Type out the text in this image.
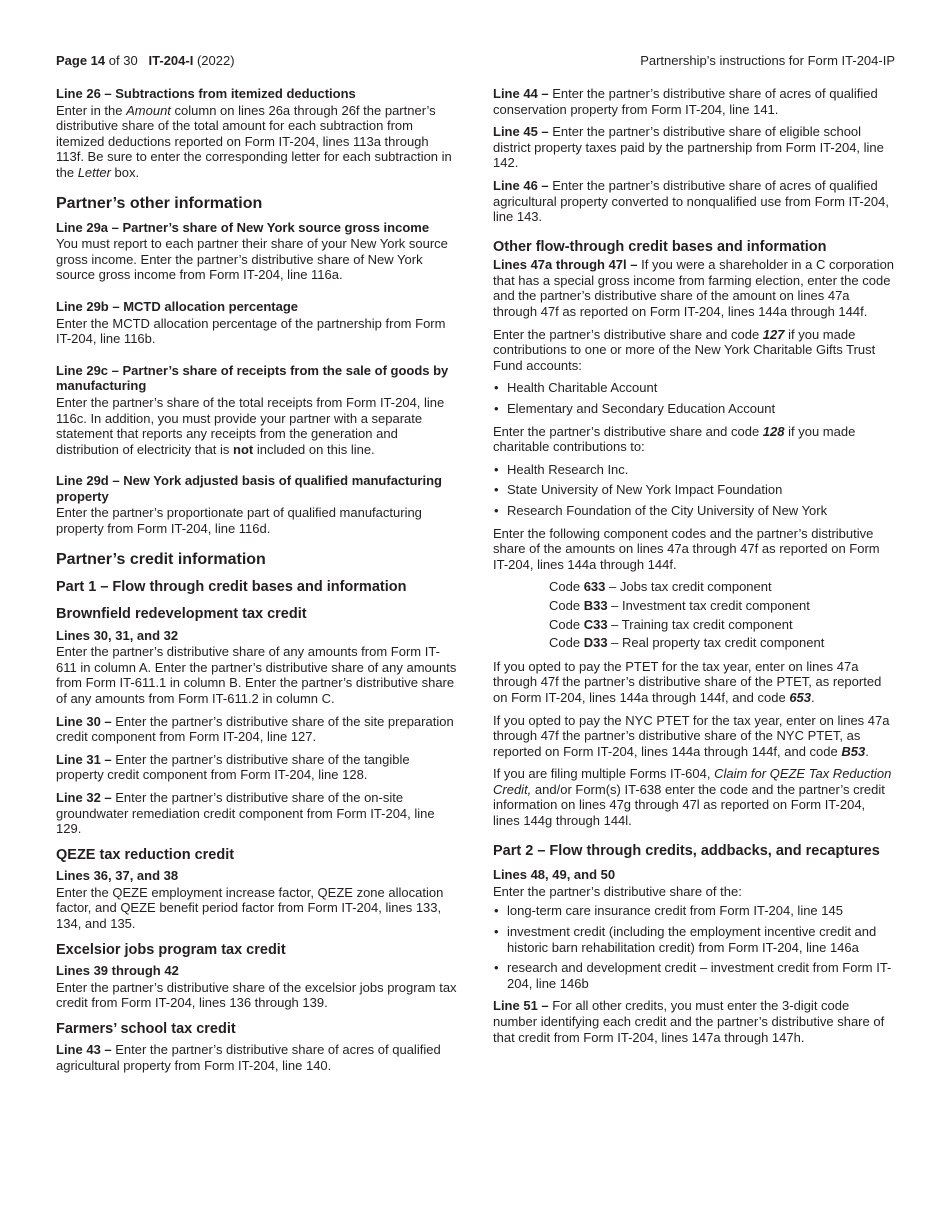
Page 14 of 30 IT-204-I (2022)	Partnership’s instructions for Form IT-204-IP
Line 26 – Subtractions from itemized deductions

Enter in the Amount column on lines 26a through 26f the partner’s distributive share of the total amount for each subtraction from itemized deductions reported on Form IT-204, lines 113a through 113f. Be sure to enter the corresponding letter for each subtraction in the Letter box.

Partner’s other information
Line 29a – Partner’s share of New York source gross income

You must report to each partner their share of your New York source gross income. Enter the partner’s distributive share of New York source gross income from Form IT-204, line 116a.

Line 29b – MCTD allocation percentage

Enter the MCTD allocation percentage of the partnership from Form IT-204, line 116b.

Line 29c – Partner’s share of receipts from the sale of goods by manufacturing

Enter the partner’s share of the total receipts from Form IT-204, line 116c. In addition, you must provide your partner with a separate statement that reports any receipts from the generation and distribution of electricity that is not included on this line.

Line 29d – New York adjusted basis of qualified manufacturing property

Enter the partner’s proportionate part of qualified manufacturing property from Form IT-204, line 116d.

Partner’s credit information
Part 1 – Flow through credit bases and information
Brownfield redevelopment tax credit
Lines 30, 31, and 32

Enter the partner’s distributive share of any amounts from Form IT-611 in column A. Enter the partner’s distributive share of any amounts from Form IT-611.1 in column B. Enter the partner’s distributive share of any amounts from Form IT-611.2 in column C.

Line 30 – Enter the partner’s distributive share of the site preparation credit component from Form IT-204, line 127.

Line 31 – Enter the partner’s distributive share of the tangible property credit component from Form IT-204, line 128.

Line 32 – Enter the partner’s distributive share of the on-site groundwater remediation credit component from Form IT-204, line 129.

QEZE tax reduction credit
Lines 36, 37, and 38

Enter the QEZE employment increase factor, QEZE zone allocation factor, and QEZE benefit period factor from Form IT-204, lines 133, 134, and 135.

Excelsior jobs program tax credit
Lines 39 through 42

Enter the partner’s distributive share of the excelsior jobs program tax credit from Form IT-204, lines 136 through 139.

Farmers’ school tax credit

Line 43 – Enter the partner’s distributive share of acres of qualified agricultural property from Form IT-204, line 140.

Line 44 – Enter the partner’s distributive share of acres of qualified conservation property from Form IT-204, line 141.

Line 45 – Enter the partner’s distributive share of eligible school district property taxes paid by the partnership from Form IT-204, line 142.

Line 46 – Enter the partner’s distributive share of acres of qualified agricultural property converted to nonqualified use from Form IT-204, line 143.

Other flow-through credit bases and information

Lines 47a through 47l – If you were a shareholder in a C corporation that has a special gross income from farming election, enter the code and the partner’s distributive share of the amount on lines 47a through 47f as reported on Form IT-204, lines 144a through 144f.

Enter the partner’s distributive share and code 127 if you made contributions to one or more of the New York Charitable Gifts Trust Fund accounts:

• Health Charitable Account
• Elementary and Secondary Education Account

Enter the partner’s distributive share and code 128 if you made charitable contributions to:

• Health Research Inc.
• State University of New York Impact Foundation
• Research Foundation of the City University of New York

Enter the following component codes and the partner’s distributive share of the amounts on lines 47a through 47f as reported on Form IT-204, lines 144a through 144f.

Code 633 – Jobs tax credit component
Code B33 – Investment tax credit component
Code C33 – Training tax credit component
Code D33 – Real property tax credit component

If you opted to pay the PTET for the tax year, enter on lines 47a through 47f the partner’s distributive share of the PTET, as reported on Form IT-204, lines 144a through 144f, and code 653.

If you opted to pay the NYC PTET for the tax year, enter on lines 47a through 47f the partner’s distributive share of the NYC PTET, as reported on Form IT-204, lines 144a through 144f, and code B53.

If you are filing multiple Forms IT-604, Claim for QEZE Tax Reduction Credit, and/or Form(s) IT-638 enter the code and the partner’s credit information on lines 47g through 47l as reported on Form IT-204, lines 144g through 144l.

Part 2 – Flow through credits, addbacks, and recaptures
Lines 48, 49, and 50

Enter the partner’s distributive share of the:

• long-term care insurance credit from Form IT-204, line 145
• investment credit (including the employment incentive credit and historic barn rehabilitation credit) from Form IT-204, line 146a
• research and development credit – investment credit from Form IT-204, line 146b

Line 51 – For all other credits, you must enter the 3-digit code number identifying each credit and the partner’s distributive share of that credit from Form IT-204, lines 147a through 147h.
